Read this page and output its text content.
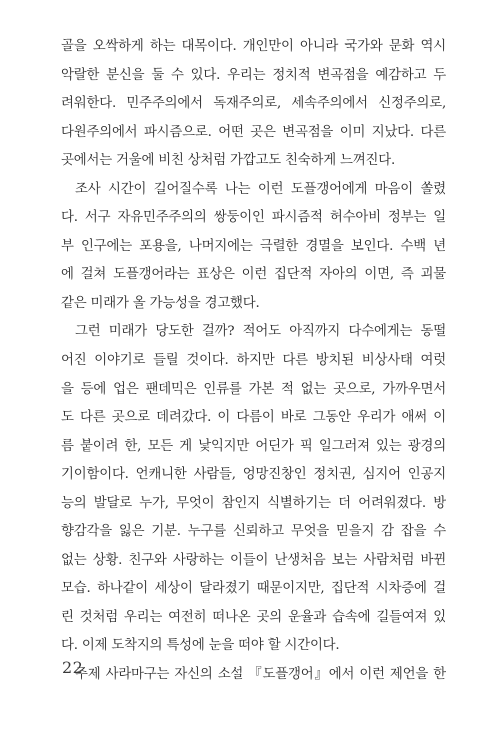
골을 오싹하게 하는 대목이다. 개인만이 아니라 국가와 문화 역시
악랄한 분신을 둘 수 있다. 우리는 정치적 변곡점을 예감하고 두
려워한다. 민주주의에서 독재주의로, 세속주의에서 신정주의로,
다원주의에서 파시즘으로. 어떤 곳은 변곡점을 이미 지났다. 다른
곳에서는 거울에 비친 상처럼 가깝고도 친숙하게 느껴진다.
조사 시간이 길어질수록 나는 이런 도플갱어에게 마음이 쏠렸
다. 서구 자유민주주의의 쌍둥이인 파시즘적 허수아비 정부는 일
부 인구에는 포용을, 나머지에는 극렬한 경멸을 보인다. 수백 년
에 걸쳐 도플갱어라는 표상은 이런 집단적 자아의 이면, 즉 괴물
같은 미래가 올 가능성을 경고했다.
그런 미래가 당도한 걸까? 적어도 아직까지 다수에게는 동떨
어진 이야기로 들릴 것이다. 하지만 다른 방치된 비상사태 여럿
을 등에 업은 팬데믹은 인류를 가본 적 없는 곳으로, 가까우면서
도 다른 곳으로 데려갔다. 이 다름이 바로 그동안 우리가 애써 이
름 붙이려 한, 모든 게 낯익지만 어딘가 픽 일그러져 있는 광경의
기이함이다. 언캐니한 사람들, 엉망진창인 정치권, 심지어 인공지
능의 발달로 누가, 무엇이 참인지 식별하기는 더 어려워졌다. 방
향감각을 잃은 기분. 누구를 신뢰하고 무엇을 믿을지 감 잡을 수
없는 상황. 친구와 사랑하는 이들이 난생처음 보는 사람처럼 바뀐
모습. 하나같이 세상이 달라졌기 때문이지만, 집단적 시차증에 걸
린 것처럼 우리는 여전히 떠나온 곳의 운율과 습속에 길들여져 있
다. 이제 도착지의 특성에 눈을 떠야 할 시간이다.
주제 사라마구는 자신의 소설 『도플갱어』에서 이런 제언을 한
22
